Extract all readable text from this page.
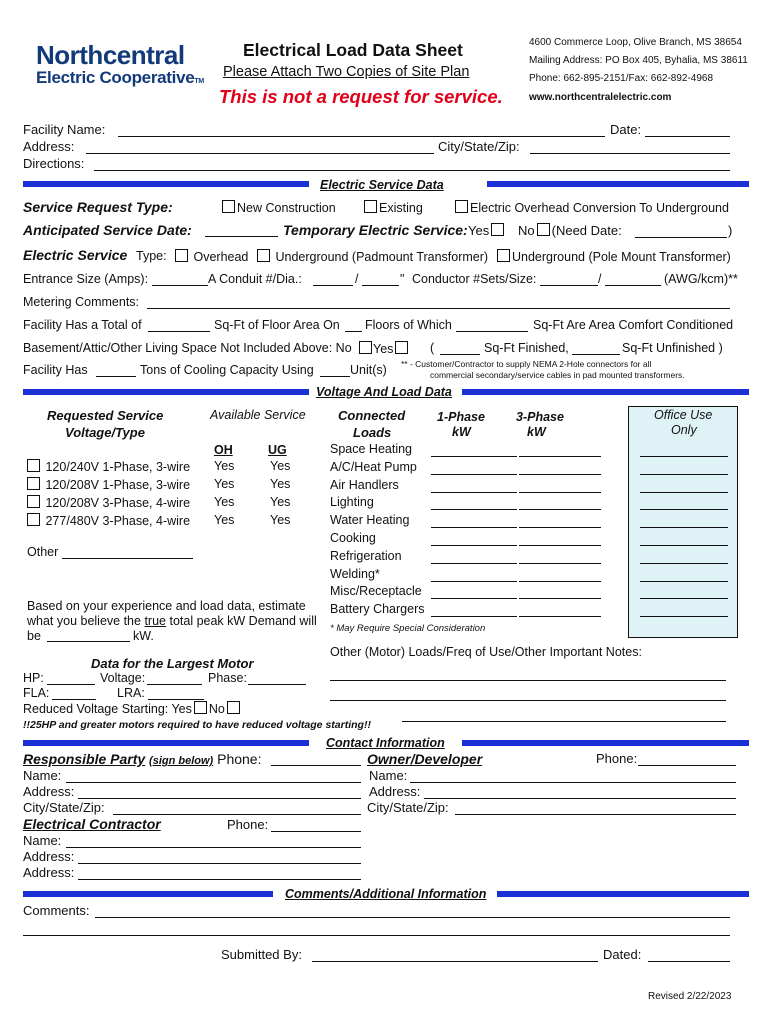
Northcentral
Electric CooperativeTM
Electrical Load Data Sheet
Please Attach Two Copies of Site Plan
This is not a request for service.
4600 Commerce Loop, Olive Branch, MS 38654
Mailing Address: PO Box 405, Byhalia, MS 38611
Phone: 662-895-2151/Fax: 662-892-4968
www.northcentralelectric.com
Facility Name:	Date:
Address:	City/State/Zip:
Directions:
Electric Service Data
Service Request Type:	New Construction	Existing	Electric Overhead Conversion To Underground
Anticipated Service Date:	Temporary Electric Service: Yes	No (Need Date:	)
Electric Service Type:	Overhead	Underground (Padmount Transformer)	Underground (Pole Mount Transformer)
Entrance Size (Amps):	A Conduit #/Dia.:	/	" Conductor #Sets/Size:	/	(AWG/kcm)**
Metering Comments:
Facility Has a Total of	Sq-Ft of Floor Area On Floors of Which	Sq-Ft Are Area Comfort Conditioned
Basement/Attic/Other Living Space Not Included Above: No Yes	(	Sq-Ft Finished,	Sq-Ft Unfinished )
Facility Has	Tons of Cooling Capacity Using	Unit(s) ** - Customer/Contractor to supply NEMA 2-Hole connectors for all
commercial secondary/service cables in pad mounted transformers.
Voltage And Load Data
Requested Service
Voltage/Type
Available Service
OH	UG
120/240V 1-Phase, 3-wire Yes	Yes
120/208V 1-Phase, 3-wire Yes	Yes
120/208V 3-Phase, 4-wire Yes	Yes
277/480V 3-Phase, 4-wire Yes	Yes
Other
Connected
Loads
1-Phase
kW
3-Phase
kW
Space Heating
A/C/Heat Pump
Air Handlers
Lighting
Water Heating
Cooking
Refrigeration
Welding*
Misc/Receptacle
Battery Chargers
Office Use
Only
* May Require Special Consideration
Based on your experience and load data, estimate
what you believe the true total peak kW Demand will
be	kW.
Other (Motor) Loads/Freq of Use/Other Important Notes:
Data for the Largest Motor
HP:	Voltage:	Phase:
FLA:	LRA:
Reduced Voltage Starting: Yes No
!!25HP and greater motors required to have reduced voltage starting!!
Contact Information
Responsible Party (sign below) Phone:
Name:
Address:
City/State/Zip:
Owner/Developer	Phone:
Name:
Address:
City/State/Zip:
Electrical Contractor	Phone:
Name:
Address:
Address:
Comments/Additional Information
Comments:
Submitted By:	Dated:
Revised 2/22/2023
